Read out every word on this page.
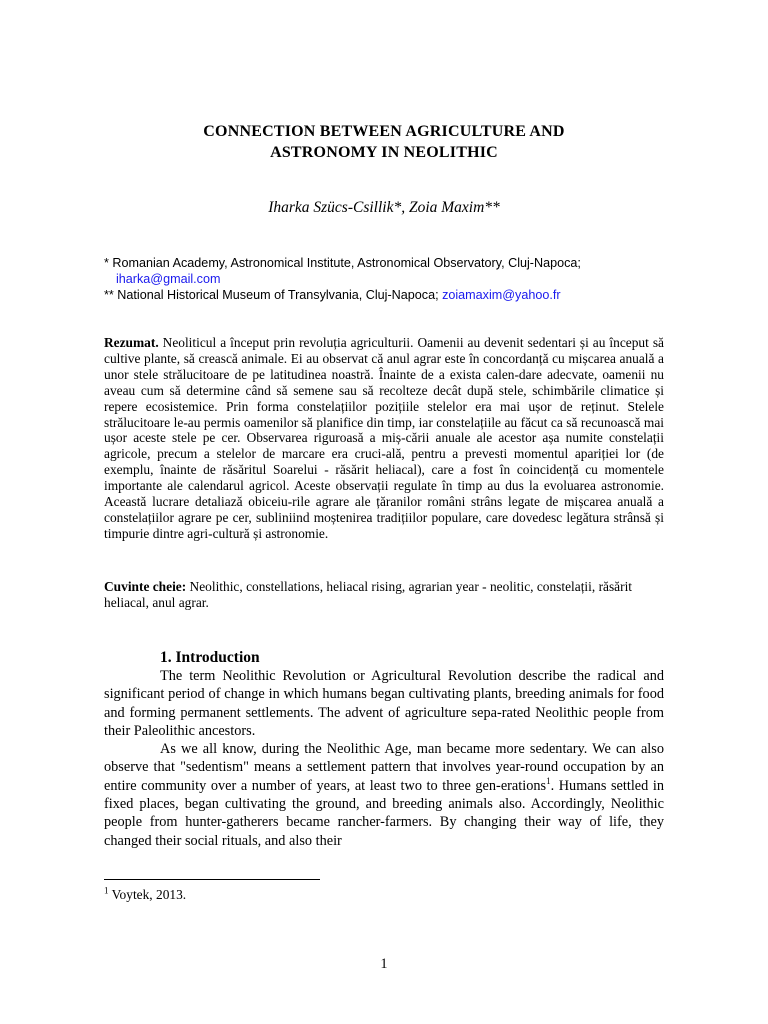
CONNECTION BETWEEN AGRICULTURE AND
ASTRONOMY IN NEOLITHIC
Iharka Szücs-Csillik*, Zoia Maxim**
* Romanian Academy, Astronomical Institute, Astronomical Observatory, Cluj-Napoca;
iharka@gmail.com
** National Historical Museum of Transylvania, Cluj-Napoca; zoiamaxim@yahoo.fr

Rezumat. Neoliticul a început prin revoluția agriculturii. Oamenii au devenit sedentari și au început să cultive plante, să crească animale. Ei au observat că anul agrar este în concordanță cu mișcarea anuală a unor stele strălucitoare de pe latitudinea noastră. Înainte de a exista calen-dare adecvate, oamenii nu aveau cum să determine când să semene sau să recolteze decât după stele, schimbările climatice și repere ecosistemice. Prin forma constelațiilor pozițiile stelelor era mai ușor de reținut. Stelele strălucitoare le-au permis oamenilor să planifice din timp, iar constelațiile au făcut ca să recunoască mai ușor aceste stele pe cer. Observarea riguroasă a miș-cării anuale ale acestor așa numite constelații agricole, precum a stelelor de marcare era cruci-ală, pentru a prevesti momentul apariției lor (de exemplu, înainte de răsăritul Soarelui - răsărit heliacal), care a fost în coincidență cu momentele importante ale calendarul agricol. Aceste observații regulate în timp au dus la evoluarea astronomie. Această lucrare detaliază obiceiu-rile agrare ale țăranilor români strâns legate de mișcarea anuală a constelațiilor agrare pe cer, subliniind moștenirea tradițiilor populare, care dovedesc legătura strânsă și timpurie dintre agri-cultură și astronomie.

Cuvinte cheie: Neolithic, constellations, heliacal rising, agrarian year - neolitic, constelații, răsărit heliacal, anul agrar.
1. Introduction

The term Neolithic Revolution or Agricultural Revolution describe the radical and significant period of change in which humans began cultivating plants, breeding animals for food and forming permanent settlements. The advent of agriculture sepa-rated Neolithic people from their Paleolithic ancestors.

As we all know, during the Neolithic Age, man became more sedentary. We can also observe that "sedentism" means a settlement pattern that involves year-round occupation by an entire community over a number of years, at least two to three gen-erations$^1$. Humans settled in fixed places, began cultivating the ground, and breeding animals also. Accordingly, Neolithic people from hunter-gatherers became rancher-farmers. By changing their way of life, they changed their social rituals, and also their

$^1$ Voytek, 2013.
1
